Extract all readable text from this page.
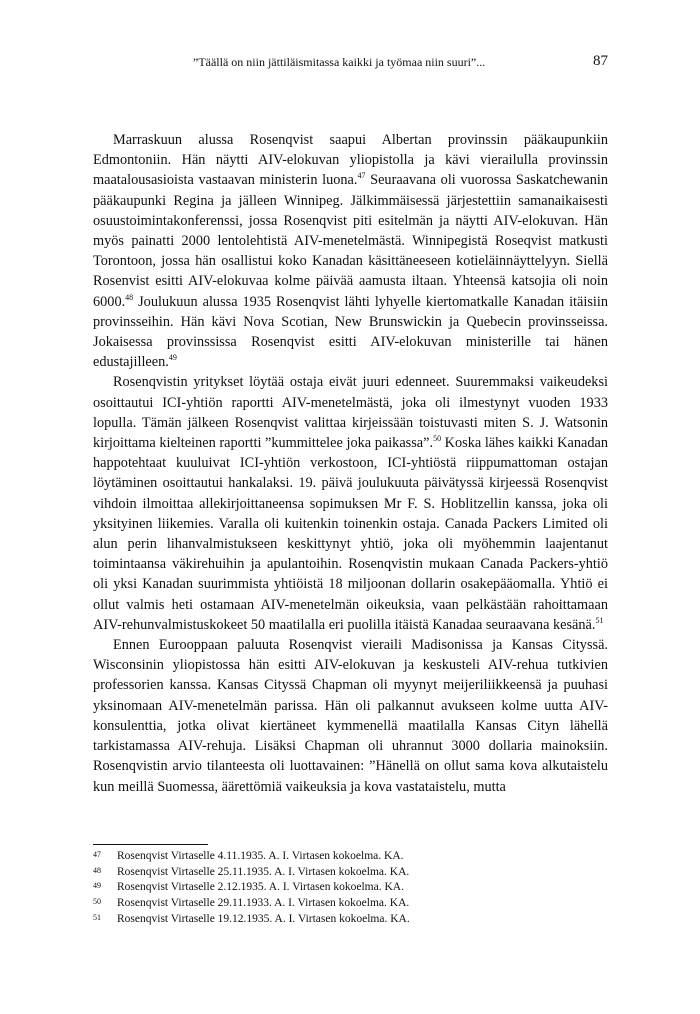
”Täällä on niin jättiläismitassa kaikki ja työmaa niin suuri”...	87

Marraskuun alussa Rosenqvist saapui Albertan provinssin pääkaupunkiin Edmontoniin. Hän näytti AIV-elokuvan yliopistolla ja kävi vierailulla provinssin maatalousasioista vastaavan ministerin luona.$^{47}$ Seuraavana oli vuorossa Saskatchewanin pääkaupunki Regina ja jälleen Winnipeg. Jälkimmäisessä järjestettiin samanaikaisesti osuustoimintakonferenssi, jossa Rosenqvist piti esitelmän ja näytti AIV-elokuvan. Hän myös painatti 2000 lentolehtistä AIV-menetelmästä. Winnipegistä Roseqvist matkusti Torontoon, jossa hän osallistui koko Kanadan käsittäneeseen kotieläinnäyttelyyn. Siellä Rosenvist esitti AIV-elokuvaa kolme päivää aamusta iltaan. Yhteensä katsojia oli noin 6000.48 Joulukuun alussa 1935 Rosenqvist lähti lyhyelle kiertomatkalle Kanadan itäisiin provinsseihin. Hän kävi Nova Scotian, New Brunswickin ja Quebecin provinsseissa. Jokaisessa provinssissa Rosenqvist esitti AIV-elokuvan ministerille tai hänen edustajilleen.$^{49}$

Rosenqvistin yritykset löytää ostaja eivät juuri edenneet. Suuremmaksi vaikeudeksi osoittautui ICI-yhtiön raportti AIV-menetelmästä, joka oli ilmestynyt vuoden 1933 lopulla. Tämän jälkeen Rosenqvist valittaa kirjeissään toistuvasti miten S. J. Watsonin kirjoittama kielteinen raportti ”kummittelee joka paikassa”.$^{50}$ Koska lähes kaikki Kanadan happotehtaat kuuluivat ICI-yhtiön verkostoon, ICI-yhtiöstä riippumattoman ostajan löytäminen osoittautui hankalaksi. 19. päivä joulukuuta päivätyssä kirjeessä Rosenqvist vihdoin ilmoittaa allekirjoittaneensa sopimuksen Mr F. S. Hoblitzellin kanssa, joka oli yksityinen liikemies. Varalla oli kuitenkin toinenkin ostaja. Canada Packers Limited oli alun perin lihanvalmistukseen keskittynyt yhtiö, joka oli myöhemmin laajentanut toimintaansa väkirehuihin ja apulantoihin. Rosenqvistin mukaan Canada Packers-yhtiö oli yksi Kanadan suurimmista yhtiöistä 18 miljoonan dollarin osakepääomalla. Yhtiö ei ollut valmis heti ostamaan AIV-menetelmän oikeuksia, vaan pelkästään rahoittamaan AIV-rehunvalmistuskokeet 50 maatilalla eri puolilla itäistä Kanadaa seuraavana kesänä.$^{51}$

Ennen Eurooppaan paluuta Rosenqvist vieraili Madisonissa ja Kansas Cityssä. Wisconsinin yliopistossa hän esitti AIV-elokuvan ja keskusteli AIV-rehua tutkivien professorien kanssa. Kansas Cityssä Chapman oli myynyt meijeriliikkeensä ja puuhasi yksinomaan AIV-menetelmän parissa. Hän oli palkannut avukseen kolme uutta AIV-konsulenttia, jotka olivat kiertäneet kymmenellä maatilalla Kansas Cityn lähellä tarkistamassa AIV-rehuja. Lisäksi Chapman oli uhrannut 3000 dollaria mainoksiin. Rosenqvistin arvio tilanteesta oli luottavainen: ”Hänellä on ollut sama kova alkutaistelu kun meillä Suomessa, äärettömiä vaikeuksia ja kova vastataistelu, mutta

47 Rosenqvist Virtaselle 4.11.1935. A. I. Virtasen kokoelma. KA.
48 Rosenqvist Virtaselle 25.11.1935. A. I. Virtasen kokoelma. KA.
49 Rosenqvist Virtaselle 2.12.1935. A. I. Virtasen kokoelma. KA.
50 Rosenqvist Virtaselle 29.11.1933. A. I. Virtasen kokoelma. KA.
51 Rosenqvist Virtaselle 19.12.1935. A. I. Virtasen kokoelma. KA.
